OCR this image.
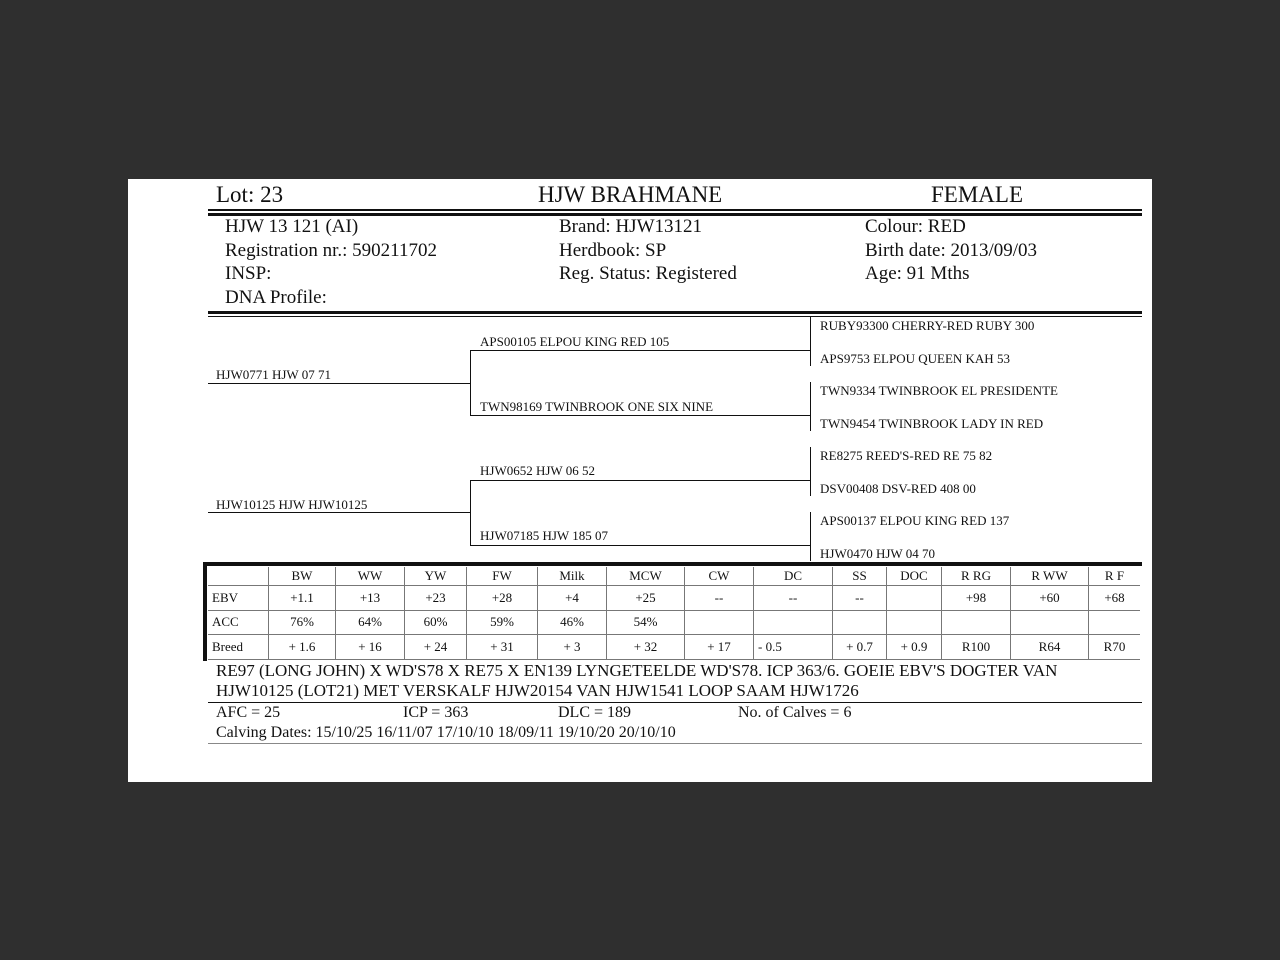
Lot: 23	HJW BRAHMANE	FEMALE
HJW 13 121 (AI)
Registration nr.: 590211702
INSP:
DNA Profile:
Brand: HJW13121
Herdbook: SP
Reg. Status: Registered
Colour: RED
Birth date: 2013/09/03
Age: 91 Mths
HJW0771 HJW 07 71
HJW10125 HJW HJW10125
APS00105 ELPOU KING RED 105
TWN98169 TWINBROOK ONE SIX NINE
HJW0652 HJW 06 52
HJW07185 HJW 185 07
RUBY93300 CHERRY-RED RUBY 300
APS9753 ELPOU QUEEN KAH 53
TWN9334 TWINBROOK EL PRESIDENTE
TWN9454 TWINBROOK LADY IN RED
RE8275 REED'S-RED RE 75 82
DSV00408 DSV-RED 408 00
APS00137 ELPOU KING RED 137
HJW0470 HJW 04 70
	BW	WW	YW	FW	Milk	MCW	CW	DC	SS	DOC	R RG	R WW	R F
EBV	+1.1	+13	+23	+28	+4	+25	--	--	--		+98	+60	+68
ACC	76%	64%	60%	59%	46%	54%							
Breed	+ 1.6	+ 16	+ 24	+ 31	+ 3	+ 32	+ 17	- 0.5	+ 0.7	+ 0.9	R100	R64	R70
RE97 (LONG JOHN) X WD'S78 X RE75 X EN139 LYNGETEELDE WD'S78. ICP 363/6. GOEIE EBV'S DOGTER VAN
HJW10125 (LOT21) MET VERSKALF HJW20154 VAN HJW1541 LOOP SAAM HJW1726
AFC = 25	ICP = 363	DLC = 189	No. of Calves = 6
Calving Dates: 15/10/25 16/11/07 17/10/10 18/09/11 19/10/20 20/10/10
